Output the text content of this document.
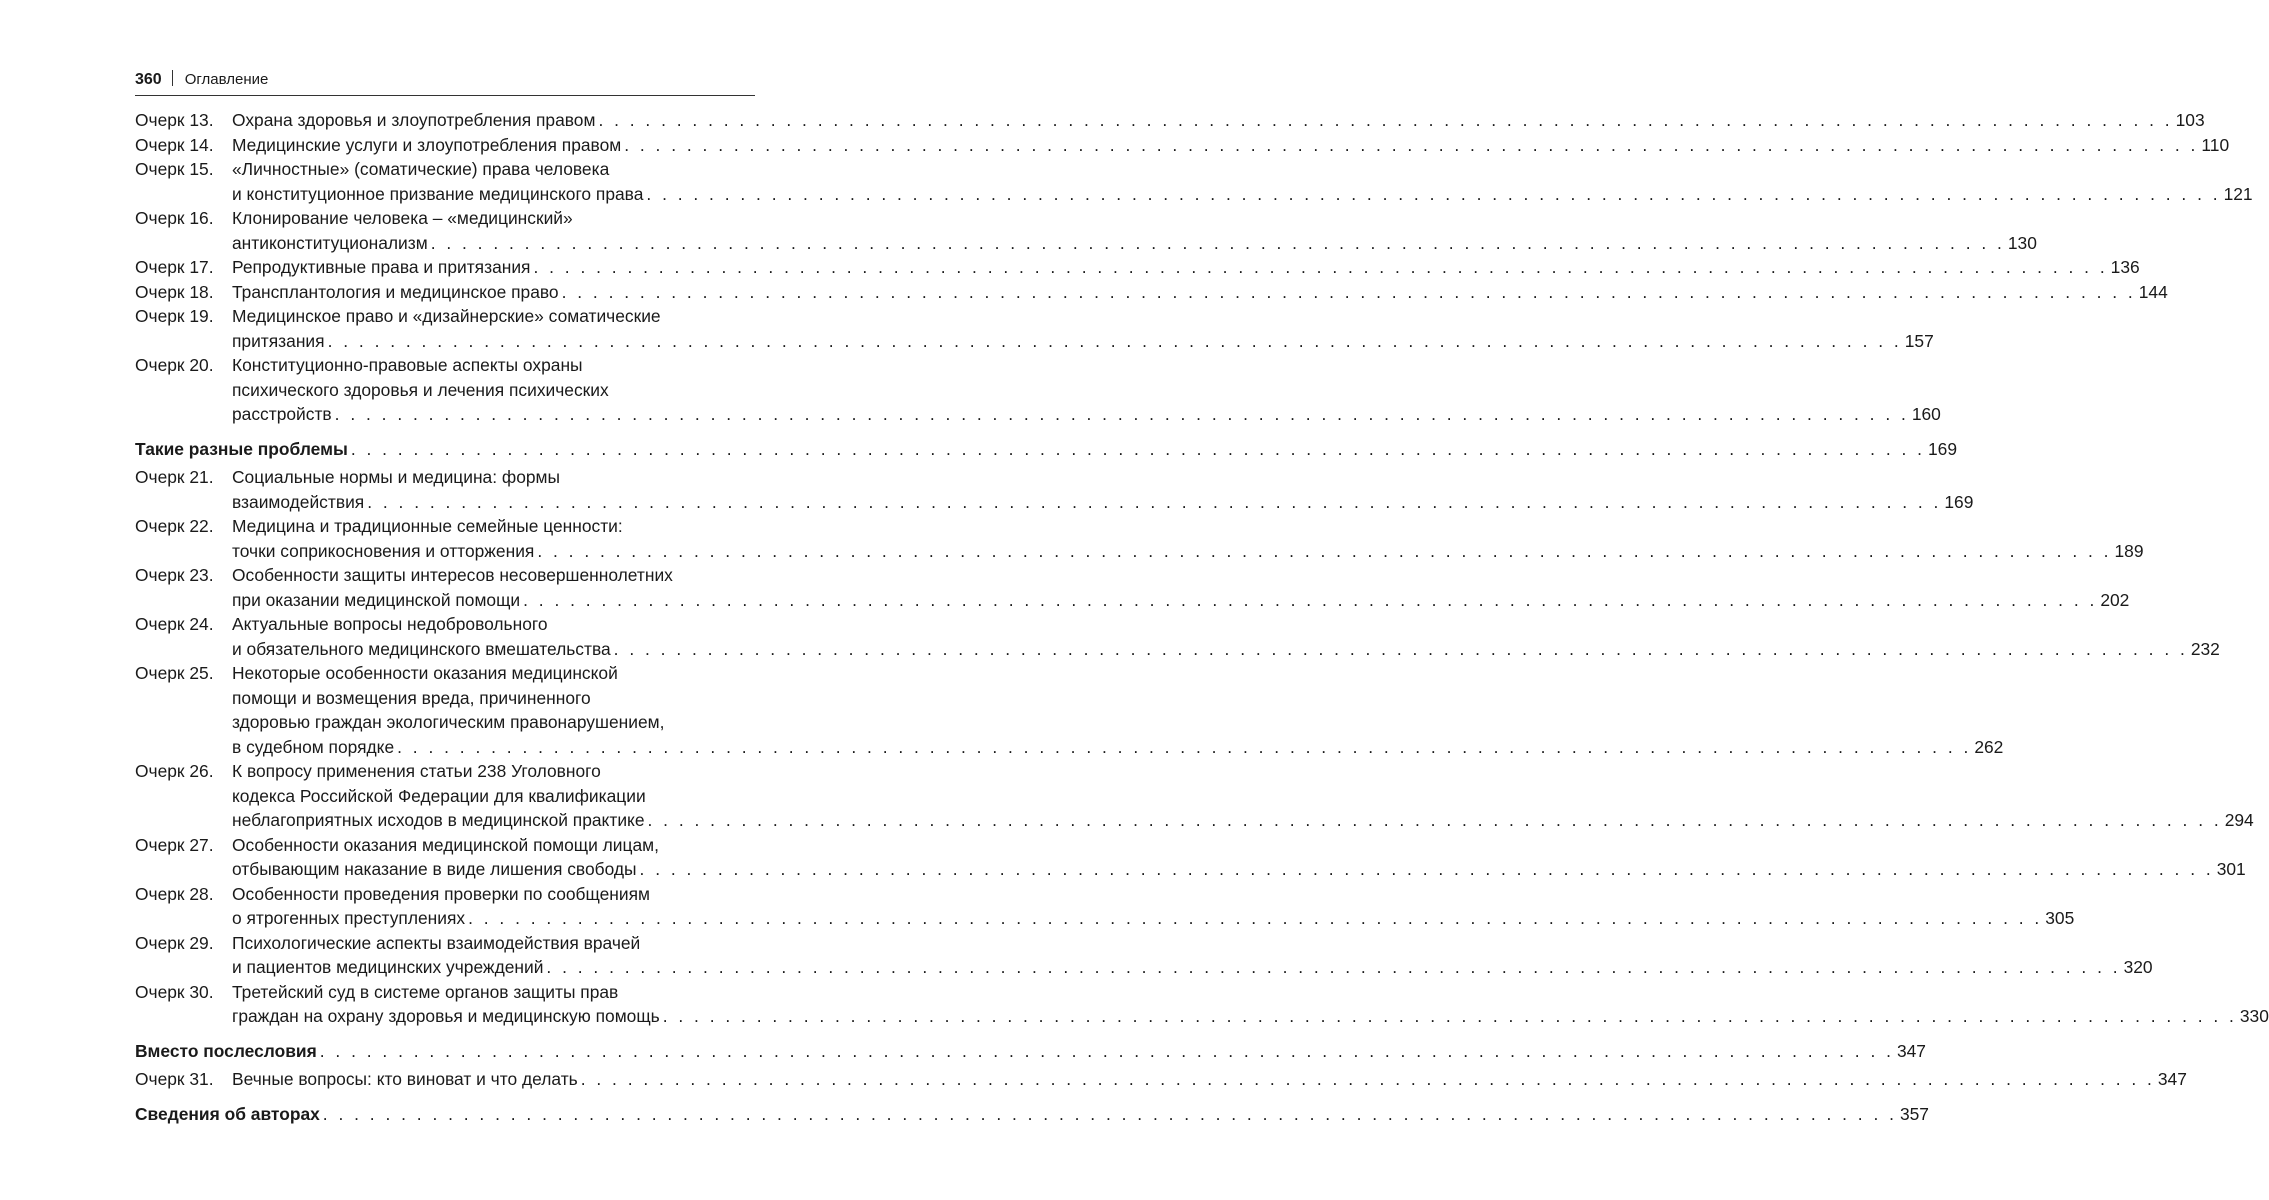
360 Оглавление
Очерк 13.	Охрана здоровья и злоупотребления правом . . . . . . . . . . . . . . . . . . . . . . . . . . . . . . . . . . . . . . . . . . . . . . . . . . . . . . . . . . . . . . . . . . . . . . . . . . . . . . . . . . . . . . . . . . . . . . . . . . . . . 103
Очерк 14.	Медицинские услуги и злоупотребления правом . . . . . . . . . . . . . . . . . . . . . . . . . . . . . . . . . . . . . . . . . . . . . . . . . . . . . . . . . . . . . . . . . . . . . . . . . . . . . . . . . . . . . . . . . . . . . . . . . . . . . 110
Очерк 15.	«Личностные» (соматические) права человека
и конституционное призвание медицинского права . . . . . . . . . . . . . . . . . . . . . . . . . . . . . . . . . . . . . . . . . . . . . . . . . . . . . . . . . . . . . . . . . . . . . . . . . . . . . . . . . . . . . . . . . . . . . . . . . . . . . 121
Очерк 16.	Клонирование человека – «медицинский»
антиконституционализм . . . . . . . . . . . . . . . . . . . . . . . . . . . . . . . . . . . . . . . . . . . . . . . . . . . . . . . . . . . . . . . . . . . . . . . . . . . . . . . . . . . . . . . . . . . . . . . . . . . . . 130
Очерк 17.	Репродуктивные права и притязания . . . . . . . . . . . . . . . . . . . . . . . . . . . . . . . . . . . . . . . . . . . . . . . . . . . . . . . . . . . . . . . . . . . . . . . . . . . . . . . . . . . . . . . . . . . . . . . . . . . . . 136
Очерк 18.	Трансплантология и медицинское право . . . . . . . . . . . . . . . . . . . . . . . . . . . . . . . . . . . . . . . . . . . . . . . . . . . . . . . . . . . . . . . . . . . . . . . . . . . . . . . . . . . . . . . . . . . . . . . . . . . . . 144
Очерк 19.	Медицинское право и «дизайнерские» соматические
притязания . . . . . . . . . . . . . . . . . . . . . . . . . . . . . . . . . . . . . . . . . . . . . . . . . . . . . . . . . . . . . . . . . . . . . . . . . . . . . . . . . . . . . . . . . . . . . . . . . . . . . 157
Очерк 20.	Конституционно-правовые аспекты охраны
психического здоровья и лечения психических
расстройств . . . . . . . . . . . . . . . . . . . . . . . . . . . . . . . . . . . . . . . . . . . . . . . . . . . . . . . . . . . . . . . . . . . . . . . . . . . . . . . . . . . . . . . . . . . . . . . . . . . . . 160
Такие разные проблемы . . . . . . . . . . . . . . . . . . . . . . . . . . . . . . . . . . . . . . . . . . . . . . . . . . . . . . . . . . . . . . . . . . . . . . . . . . . . . . . . . . . . . . . . . . . . . . . . . . . . . 169
Очерк 21.	Социальные нормы и медицина: формы
взаимодействия . . . . . . . . . . . . . . . . . . . . . . . . . . . . . . . . . . . . . . . . . . . . . . . . . . . . . . . . . . . . . . . . . . . . . . . . . . . . . . . . . . . . . . . . . . . . . . . . . . . . . 169
Очерк 22.	Медицина и традиционные семейные ценности:
точки соприкосновения и отторжения . . . . . . . . . . . . . . . . . . . . . . . . . . . . . . . . . . . . . . . . . . . . . . . . . . . . . . . . . . . . . . . . . . . . . . . . . . . . . . . . . . . . . . . . . . . . . . . . . . . . . 189
Очерк 23.	Особенности защиты интересов несовершеннолетних
при оказании медицинской помощи . . . . . . . . . . . . . . . . . . . . . . . . . . . . . . . . . . . . . . . . . . . . . . . . . . . . . . . . . . . . . . . . . . . . . . . . . . . . . . . . . . . . . . . . . . . . . . . . . . . . . 202
Очерк 24.	Актуальные вопросы недобровольного
и обязательного медицинского вмешательства . . . . . . . . . . . . . . . . . . . . . . . . . . . . . . . . . . . . . . . . . . . . . . . . . . . . . . . . . . . . . . . . . . . . . . . . . . . . . . . . . . . . . . . . . . . . . . . . . . . . . 232
Очерк 25.	Некоторые особенности оказания медицинской
помощи и возмещения вреда, причиненного
здоровью граждан экологическим правонарушением,
в судебном порядке . . . . . . . . . . . . . . . . . . . . . . . . . . . . . . . . . . . . . . . . . . . . . . . . . . . . . . . . . . . . . . . . . . . . . . . . . . . . . . . . . . . . . . . . . . . . . . . . . . . . . 262
Очерк 26.	К вопросу применения статьи 238 Уголовного
кодекса Российской Федерации для квалификации
неблагоприятных исходов в медицинской практике . . . . . . . . . . . . . . . . . . . . . . . . . . . . . . . . . . . . . . . . . . . . . . . . . . . . . . . . . . . . . . . . . . . . . . . . . . . . . . . . . . . . . . . . . . . . . . . . . . . . . 294
Очерк 27.	Особенности оказания медицинской помощи лицам,
отбывающим наказание в виде лишения свободы . . . . . . . . . . . . . . . . . . . . . . . . . . . . . . . . . . . . . . . . . . . . . . . . . . . . . . . . . . . . . . . . . . . . . . . . . . . . . . . . . . . . . . . . . . . . . . . . . . . . . 301
Очерк 28.	Особенности проведения проверки по сообщениям
о ятрогенных преступлениях . . . . . . . . . . . . . . . . . . . . . . . . . . . . . . . . . . . . . . . . . . . . . . . . . . . . . . . . . . . . . . . . . . . . . . . . . . . . . . . . . . . . . . . . . . . . . . . . . . . . . 305
Очерк 29.	Психологические аспекты взаимодействия врачей
и пациентов медицинских учреждений . . . . . . . . . . . . . . . . . . . . . . . . . . . . . . . . . . . . . . . . . . . . . . . . . . . . . . . . . . . . . . . . . . . . . . . . . . . . . . . . . . . . . . . . . . . . . . . . . . . . . 320
Очерк 30.	Третейский суд в системе органов защиты прав
граждан на охрану здоровья и медицинскую помощь . . . . . . . . . . . . . . . . . . . . . . . . . . . . . . . . . . . . . . . . . . . . . . . . . . . . . . . . . . . . . . . . . . . . . . . . . . . . . . . . . . . . . . . . . . . . . . . . . . . . . 330
Вместо послесловия . . . . . . . . . . . . . . . . . . . . . . . . . . . . . . . . . . . . . . . . . . . . . . . . . . . . . . . . . . . . . . . . . . . . . . . . . . . . . . . . . . . . . . . . . . . . . . . . . . . . . 347
Очерк 31.	Вечные вопросы: кто виноват и что делать . . . . . . . . . . . . . . . . . . . . . . . . . . . . . . . . . . . . . . . . . . . . . . . . . . . . . . . . . . . . . . . . . . . . . . . . . . . . . . . . . . . . . . . . . . . . . . . . . . . . . 347
Сведения об авторах . . . . . . . . . . . . . . . . . . . . . . . . . . . . . . . . . . . . . . . . . . . . . . . . . . . . . . . . . . . . . . . . . . . . . . . . . . . . . . . . . . . . . . . . . . . . . . . . . . . . . 357
